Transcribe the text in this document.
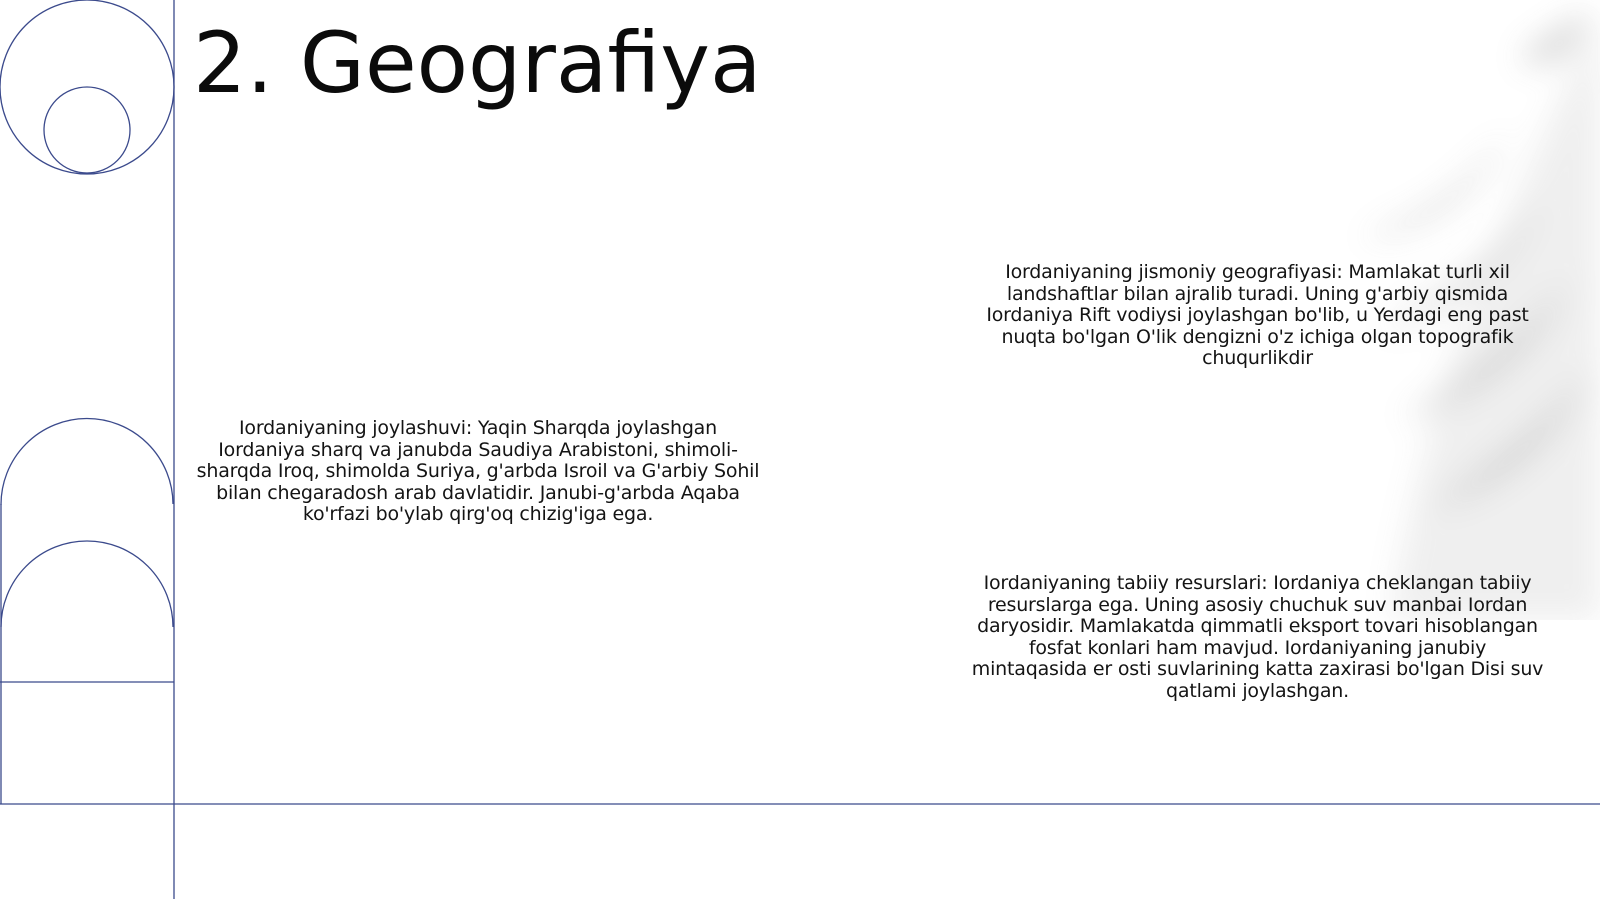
2. Geografiya

Iordaniyaning joylashuvi: Yaqin Sharqda joylashgan Iordaniya sharq va janubda Saudiya Arabistoni, shimoli-sharqda Iroq, shimolda Suriya, g'arbda Isroil va G'arbiy Sohil bilan chegaradosh arab davlatidir. Janubi-g'arbda Aqaba ko'rfazi bo'ylab qirg'oq chizig'iga ega.

Iordaniyaning jismoniy geografiyasi: Mamlakat turli xil landshaftlar bilan ajralib turadi. Uning g'arbiy qismida Iordaniya Rift vodiysi joylashgan bo'lib, u Yerdagi eng past nuqta bo'lgan O'lik dengizni o'z ichiga olgan topografik chuqurlikdir

Iordaniyaning tabiiy resurslari: Iordaniya cheklangan tabiiy resurslarga ega. Uning asosiy chuchuk suv manbai Iordan daryosidir. Mamlakatda qimmatli eksport tovari hisoblangan fosfat konlari ham mavjud. Iordaniyaning janubiy mintaqasida er osti suvlarining katta zaxirasi bo'lgan Disi suv qatlami joylashgan.
